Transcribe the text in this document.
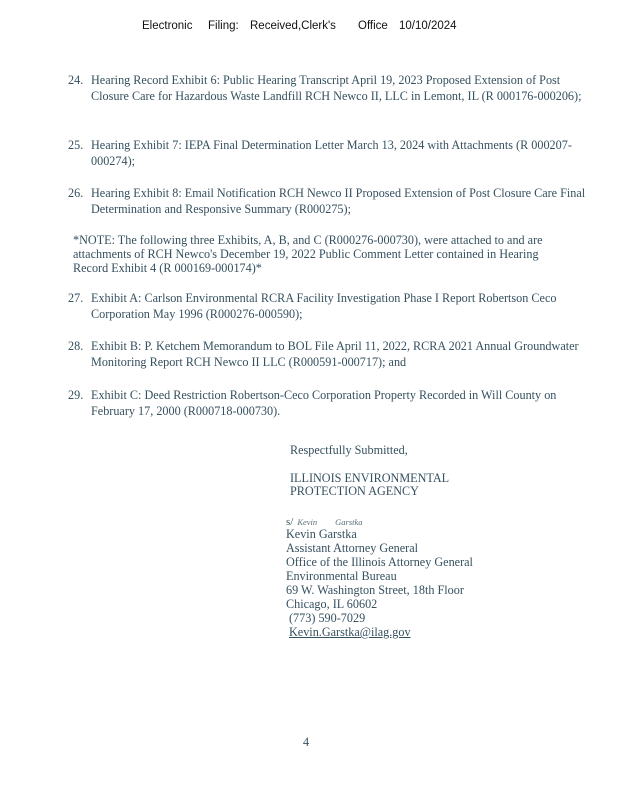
Electronic Filing: Received,Clerk's Office 10/10/2024
24. Hearing Record Exhibit 6: Public Hearing Transcript April 19, 2023 Proposed Extension of Post Closure Care for Hazardous Waste Landfill RCH Newco II, LLC in Lemont, IL (R 000176-000206);
25. Hearing Exhibit 7: IEPA Final Determination Letter March 13, 2024 with Attachments (R 000207-000274);
26. Hearing Exhibit 8: Email Notification RCH Newco II Proposed Extension of Post Closure Care Final Determination and Responsive Summary (R000275);
*NOTE: The following three Exhibits, A, B, and C (R000276-000730), were attached to and are attachments of RCH Newco's December 19, 2022 Public Comment Letter contained in Hearing Record Exhibit 4 (R 000169-000174)*
27. Exhibit A: Carlson Environmental RCRA Facility Investigation Phase I Report Robertson Ceco Corporation May 1996 (R000276-000590);
28. Exhibit B: P. Ketchem Memorandum to BOL File April 11, 2022, RCRA 2021 Annual Groundwater Monitoring Report RCH Newco II LLC (R000591-000717); and
29. Exhibit C: Deed Restriction Robertson-Ceco Corporation Property Recorded in Will County on February 17, 2000 (R000718-000730).
Respectfully Submitted,
ILLINOIS ENVIRONMENTAL
PROTECTION AGENCY
s/ Kevin Garstka
Kevin Garstka
Assistant Attorney General
Office of the Illinois Attorney General
Environmental Bureau
69 W. Washington Street, 18th Floor
Chicago, IL 60602
(773) 590-7029
Kevin.Garstka@ilag.gov
4
